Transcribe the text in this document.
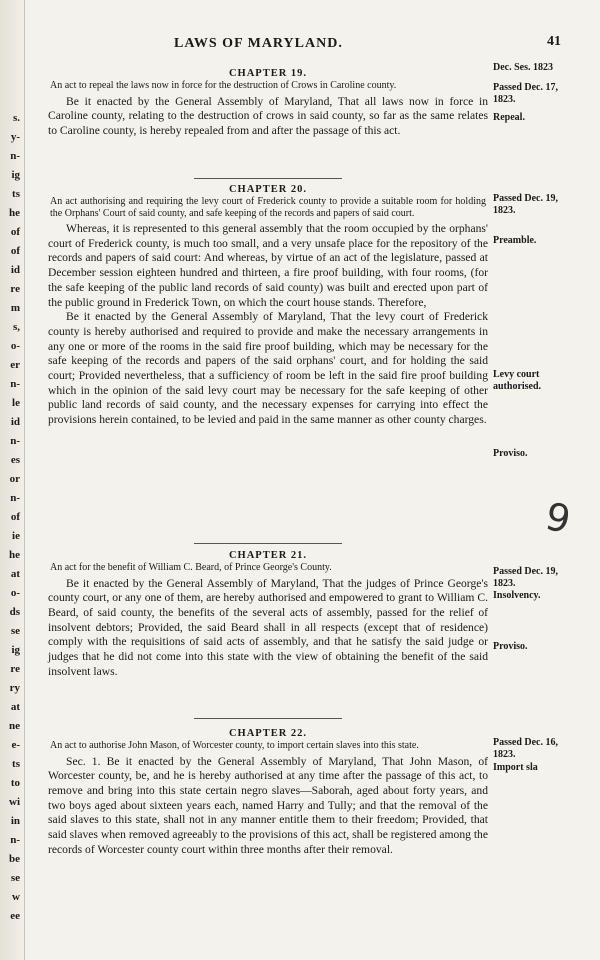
s.
y-
n-
ig
ts
he
of
of
id
re
m
s,
o-
er
n-
le
id
n-
es
or
n-
of
ie
he
at
o-
ds
se
ig
re
ry
at
ne
e-
ts
to
wi
in
n-
be
se
w
ee
LAWS OF MARYLAND.	41
CHAPTER 19.

An act to repeal the laws now in force for the destruction of Crows in Caroline county.

Be it enacted by the General Assembly of Maryland, That all laws now in force in Caroline county, relating to the destruction of crows in said county, so far as the same relates to Caroline county, is hereby repealed from and after the passage of this act.

CHAPTER 20.

An act authorising and requiring the levy court of Frederick county to provide a suitable room for holding the Orphans' Court of said county, and safe keeping of the records and papers of said court.

Whereas, it is represented to this general assembly that the room occupied by the orphans' court of Frederick county, is much too small, and a very unsafe place for the repository of the records and papers of said court: And whereas, by virtue of an act of the legislature, passed at December session eighteen hundred and thirteen, a fire proof building, with four rooms, (for the safe keeping of the public land records of said county) was built and erected upon part of the public ground in Frederick Town, on which the court house stands. Therefore,

Be it enacted by the General Assembly of Maryland, That the levy court of Frederick county is hereby authorised and required to provide and make the necessary arrangements in any one or more of the rooms in the said fire proof building, which may be necessary for the safe keeping of the records and papers of the said orphans' court, and for holding the said court; Provided nevertheless, that a sufficiency of room be left in the said fire proof building which in the opinion of the said levy court may be necessary for the safe keeping of other public land records of said county, and the necessary expenses for carrying into effect the provisions herein contained, to be levied and paid in the same manner as other county charges.

CHAPTER 21.

An act for the benefit of William C. Beard, of Prince George's County.

Be it enacted by the General Assembly of Maryland, That the judges of Prince George's county court, or any one of them, are hereby authorised and empowered to grant to William C. Beard, of said county, the benefits of the several acts of assembly, passed for the relief of insolvent debtors; Provided, the said Beard shall in all respects (except that of residence) comply with the requisitions of said acts of assembly, and that he satisfy the said judge or judges that he did not come into this state with the view of obtaining the benefit of the said insolvent laws.

CHAPTER 22.

An act to authorise John Mason, of Worcester county, to import certain slaves into this state.

Sec. 1. Be it enacted by the General Assembly of Maryland, That John Mason, of Worcester county, be, and he is hereby authorised at any time after the passage of this act, to remove and bring into this state certain negro slaves—Saborah, aged about forty years, and two boys aged about sixteen years each, named Harry and Tully; and that the removal of the said slaves to this state, shall not in any manner entitle them to their freedom; Provided, that said slaves when removed agreeably to the provisions of this act, shall be registered among the records of Worcester county court within three months after their removal.

Dec. Ses. 1823
Passed Dec. 17, 1823.
Repeal.
Passed Dec. 19, 1823.
Preamble.
Levy court authorised.
Proviso.
Passed Dec. 19, 1823.
Insolvency.
Proviso.
Passed Dec. 16, 1823.
Import sla
9
